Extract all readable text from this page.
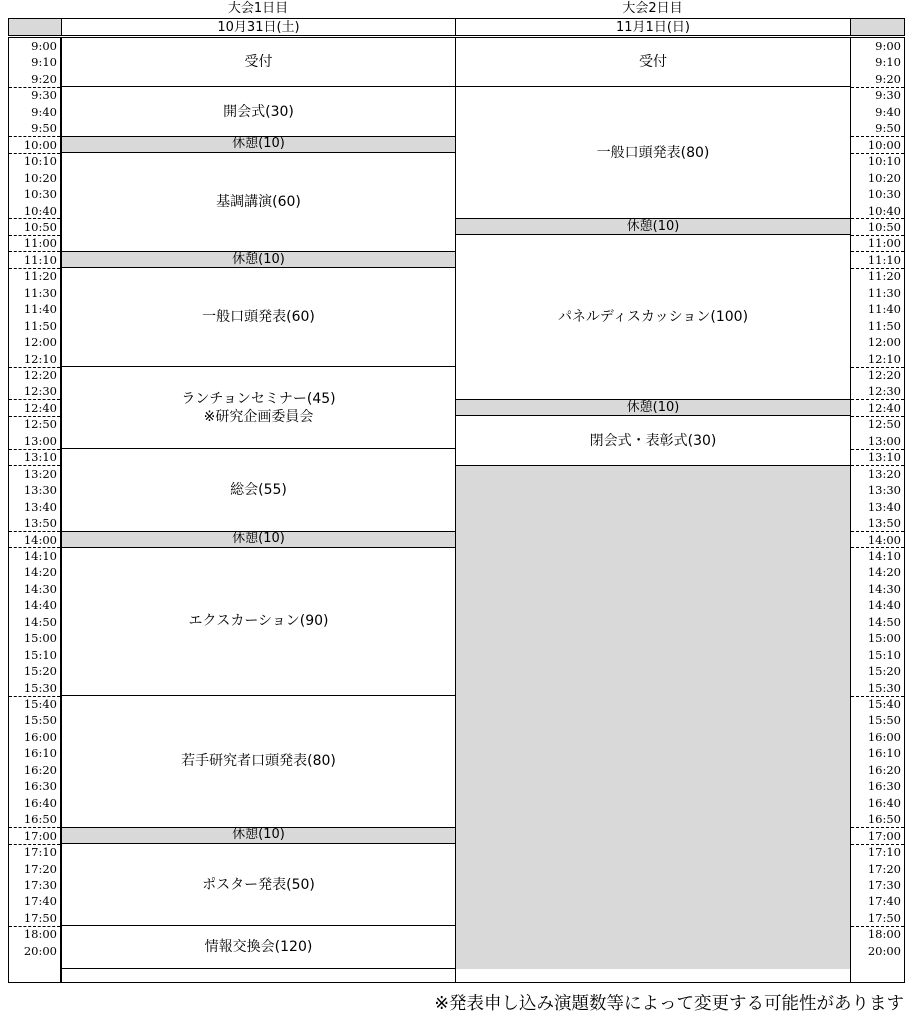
大会1日目	大会2日目
10月31日(土)	11月1日(日)
9:00
9:10
9:20
9:30
9:40
9:50
10:00
10:10
10:20
10:30
10:40
10:50
11:00
11:10
11:20
11:30
11:40
11:50
12:00
12:10
12:20
12:30
12:40
12:50
13:00
13:10
13:20
13:30
13:40
13:50
14:00
14:10
14:20
14:30
14:40
14:50
15:00
15:10
15:20
15:30
15:40
15:50
16:00
16:10
16:20
16:30
16:40
16:50
17:00
17:10
17:20
17:30
17:40
17:50
18:00
20:00
受付
開会式(30)
休憩(10)
基調講演(60)
休憩(10)
一般口頭発表(60)
ランチョンセミナー(45)
※研究企画委員会
総会(55)
休憩(10)
エクスカーション(90)
若手研究者口頭発表(80)
休憩(10)
ポスター発表(50)
情報交換会(120)
受付
一般口頭発表(80)
休憩(10)
パネルディスカッション(100)
休憩(10)
閉会式・表彰式(30)
9:00
9:10
9:20
9:30
9:40
9:50
10:00
10:10
10:20
10:30
10:40
10:50
11:00
11:10
11:20
11:30
11:40
11:50
12:00
12:10
12:20
12:30
12:40
12:50
13:00
13:10
13:20
13:30
13:40
13:50
14:00
14:10
14:20
14:30
14:40
14:50
15:00
15:10
15:20
15:30
15:40
15:50
16:00
16:10
16:20
16:30
16:40
16:50
17:00
17:10
17:20
17:30
17:40
17:50
18:00
20:00
※発表申し込み演題数等によって変更する可能性があります
